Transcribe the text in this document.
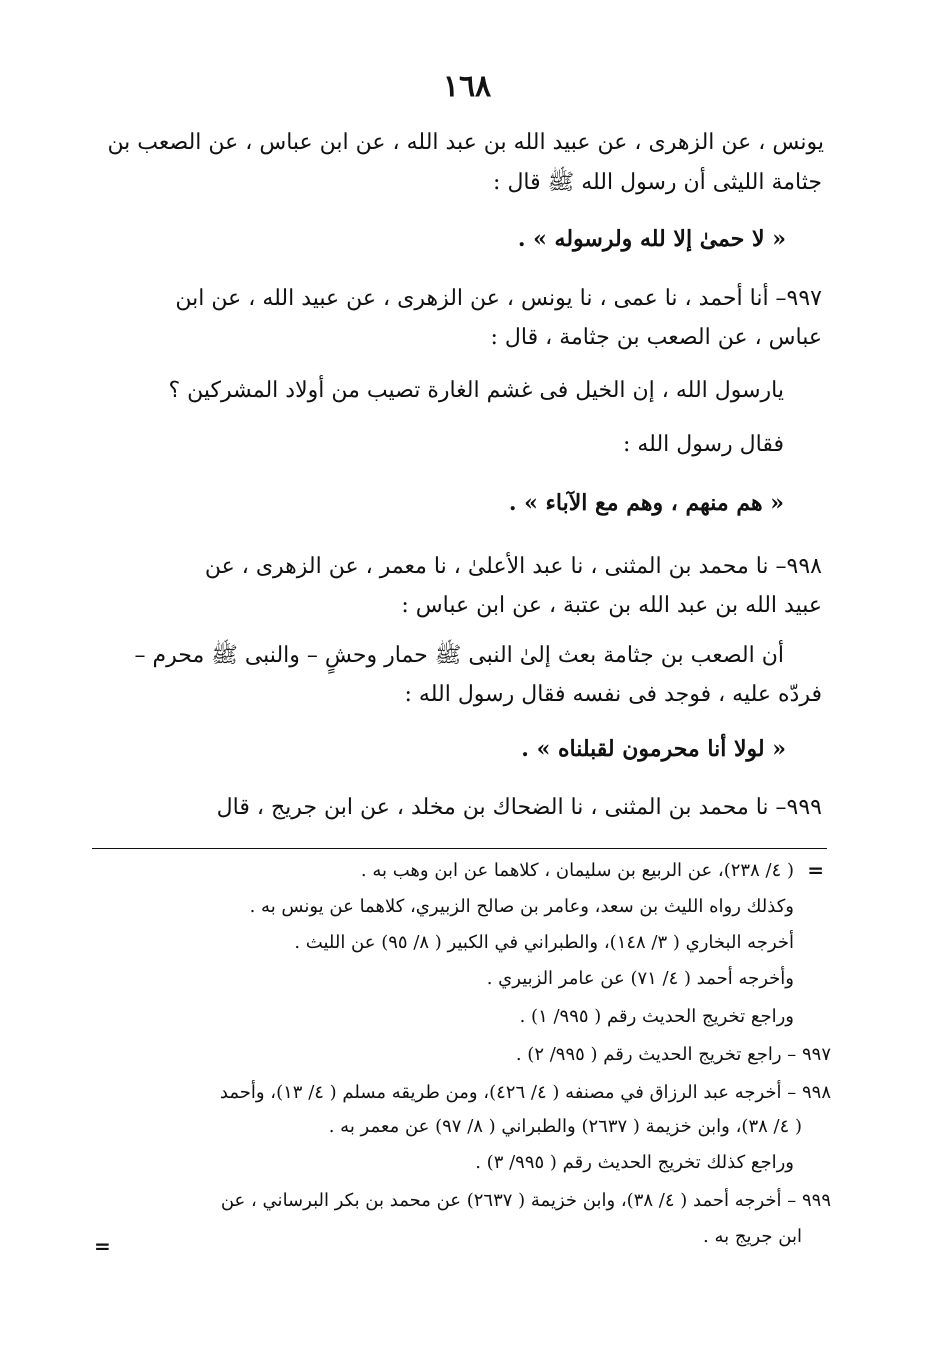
١٦٨
يونس ، عن الزهرى ، عن عبيد الله بن عبد الله ، عن ابن عباس ، عن الصعب بن
جثامة الليثى أن رسول الله ﷺ قال :
« لا حمىٰ إلا لله ولرسوله » .
٩٩٧– أنا أحمد ، نا عمى ، نا يونس ، عن الزهرى ، عن عبيد الله ، عن ابن
عباس ، عن الصعب بن جثامة ، قال :
يارسول الله ، إن الخيل فى غشم الغارة تصيب من أولاد المشركين ؟
فقال رسول الله :
« هم منهم ، وهم مع الآباء » .
٩٩٨– نا محمد بن المثنى ، نا عبد الأعلىٰ ، نا معمر ، عن الزهرى ، عن
عبيد الله بن عبد الله بن عتبة ، عن ابن عباس :
أن الصعب بن جثامة بعث إلىٰ النبى ﷺ حمار وحشٍ – والنبى ﷺ محرم –
فردّه عليه ، فوجد فى نفسه فقال رسول الله :
« لولا أنا محرمون لقبلناه » .
٩٩٩– نا محمد بن المثنى ، نا الضحاك بن مخلد ، عن ابن جريج ، قال
=
( ٤/ ٢٣٨)، عن الربيع بن سليمان ، كلاهما عن ابن وهب به .
وكذلك رواه الليث بن سعد، وعامر بن صالح الزبيري، كلاهما عن يونس به .
أخرجه البخاري ( ٣/ ١٤٨)، والطبراني في الكبير ( ٨/ ٩٥) عن الليث .
وأخرجه أحمد ( ٤/ ٧١) عن عامر الزبيري .
وراجع تخريج الحديث رقم ( ٩٩٥/ ١) .
٩٩٧ – راجع تخريج الحديث رقم ( ٩٩٥/ ٢) .
٩٩٨ – أخرجه عبد الرزاق في مصنفه ( ٤/ ٤٢٦)، ومن طريقه مسلم ( ٤/ ١٣)، وأحمد
( ٤/ ٣٨)، وابن خزيمة ( ٢٦٣٧) والطبراني ( ٨/ ٩٧) عن معمر به .
وراجع كذلك تخريج الحديث رقم ( ٩٩٥/ ٣) .
٩٩٩ – أخرجه أحمد ( ٤/ ٣٨)، وابن خزيمة ( ٢٦٣٧) عن محمد بن بكر البرساني ، عن
ابن جريج به .
=
